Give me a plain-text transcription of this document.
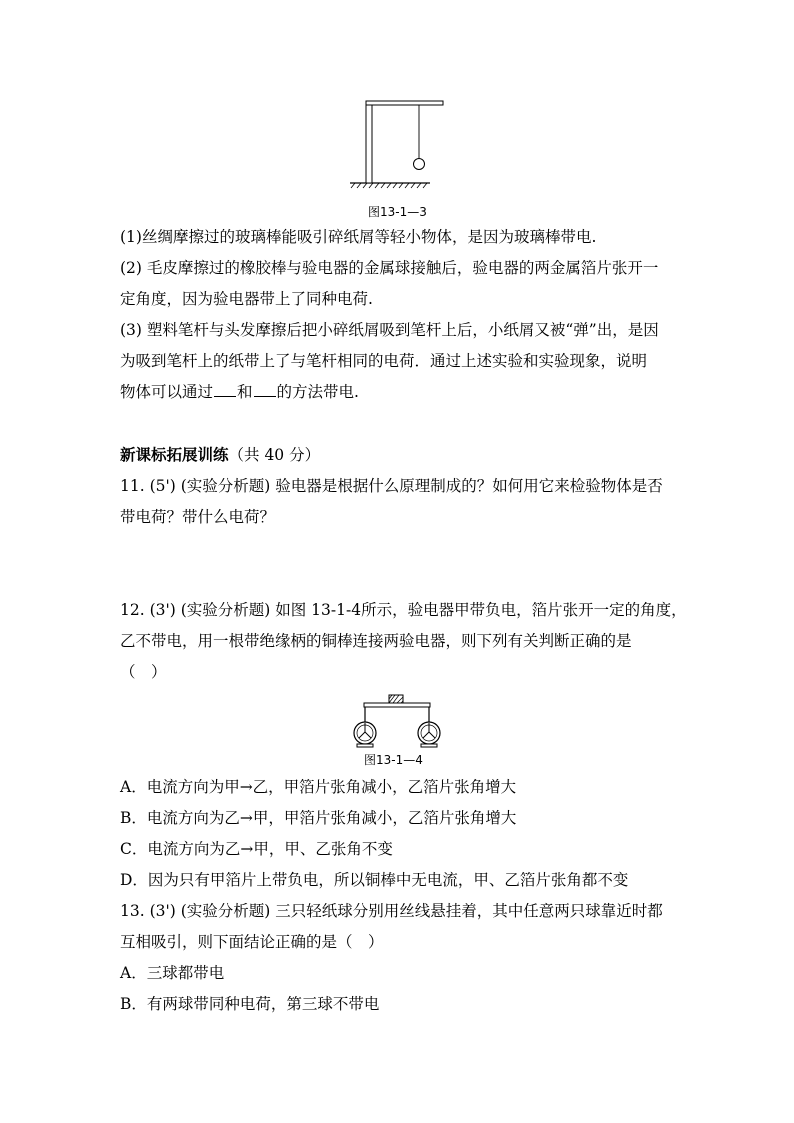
图13-1—3
(1)丝绸摩擦过的玻璃棒能吸引碎纸屑等轻小物体，是因为玻璃棒带电.
(2) 毛皮摩擦过的橡胶棒与验电器的金属球接触后，验电器的两金属箔片张开一
定角度，因为验电器带上了同种电荷.
(3) 塑料笔杆与头发摩擦后把小碎纸屑吸到笔杆上后，小纸屑又被“弹”出，是因
为吸到笔杆上的纸带上了与笔杆相同的电荷．通过上述实验和实验现象，说明
物体可以通过 和 的方法带电.
新课标拓展训练（共 40 分）
11. (5') (实验分析题) 验电器是根据什么原理制成的？如何用它来检验物体是否
带电荷？带什么电荷？
12. (3') (实验分析题) 如图 13-1-4所示，验电器甲带负电，箔片张开一定的角度，
乙不带电，用一根带绝缘柄的铜棒连接两验电器，则下列有关判断正确的是
（　）
图13-1—4
A．电流方向为甲→乙，甲箔片张角减小，乙箔片张角增大
B．电流方向为乙→甲，甲箔片张角减小，乙箔片张角增大
C．电流方向为乙→甲，甲、乙张角不变
D．因为只有甲箔片上带负电，所以铜棒中无电流，甲、乙箔片张角都不变
13. (3') (实验分析题) 三只轻纸球分别用丝线悬挂着，其中任意两只球靠近时都
互相吸引，则下面结论正确的是（　）
A．三球都带电
B．有两球带同种电荷，第三球不带电
